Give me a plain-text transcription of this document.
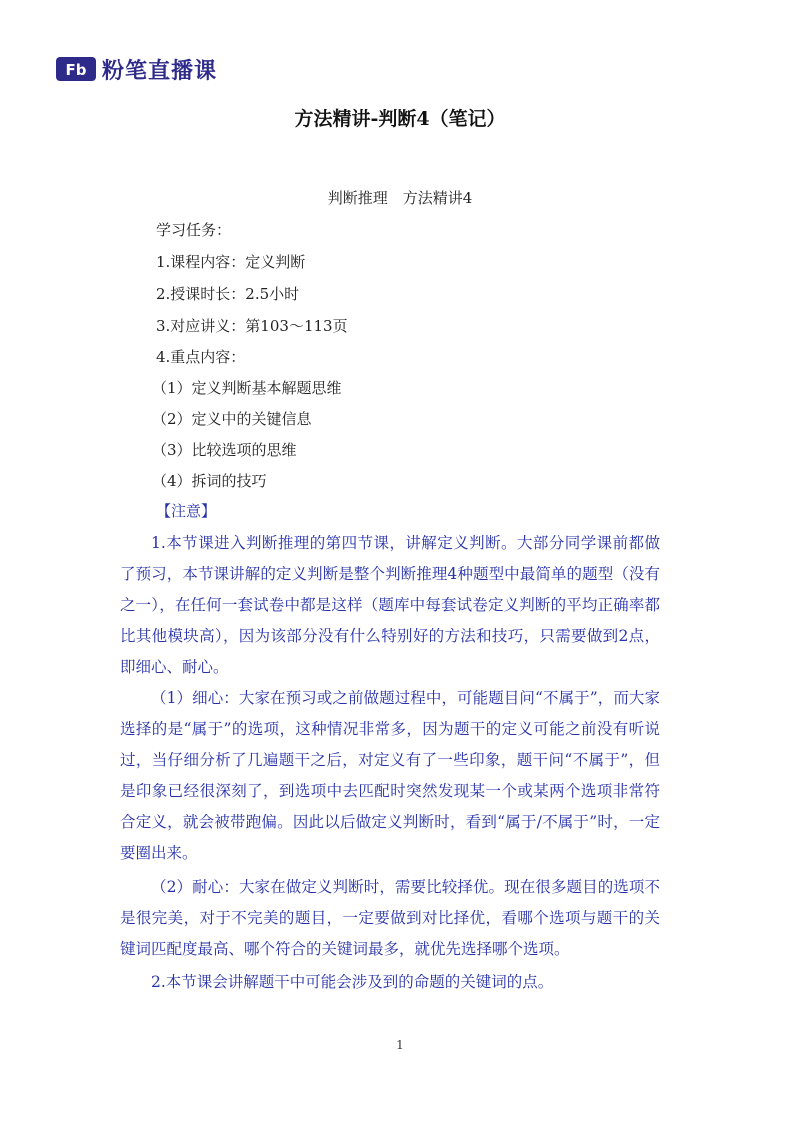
Fb 粉笔直播课
方法精讲-判断4（笔记）
判断推理　方法精讲4
学习任务：
1.课程内容：定义判断
2.授课时长：2.5小时
3.对应讲义：第103～113页
4.重点内容：
（1）定义判断基本解题思维
（2）定义中的关键信息
（3）比较选项的思维
（4）拆词的技巧
【注意】
1.本节课进入判断推理的第四节课，讲解定义判断。大部分同学课前都做了预习，本节课讲解的定义判断是整个判断推理4种题型中最简单的题型（没有之一），在任何一套试卷中都是这样（题库中每套试卷定义判断的平均正确率都比其他模块高），因为该部分没有什么特别好的方法和技巧，只需要做到2点，即细心、耐心。
（1）细心：大家在预习或之前做题过程中，可能题目问“不属于”，而大家选择的是“属于”的选项，这种情况非常多，因为题干的定义可能之前没有听说过，当仔细分析了几遍题干之后，对定义有了一些印象，题干问“不属于”，但是印象已经很深刻了，到选项中去匹配时突然发现某一个或某两个选项非常符合定义，就会被带跑偏。因此以后做定义判断时，看到“属于/不属于”时，一定要圈出来。
（2）耐心：大家在做定义判断时，需要比较择优。现在很多题目的选项不是很完美，对于不完美的题目，一定要做到对比择优，看哪个选项与题干的关键词匹配度最高、哪个符合的关键词最多，就优先选择哪个选项。
2.本节课会讲解题干中可能会涉及到的命题的关键词的点。
1
